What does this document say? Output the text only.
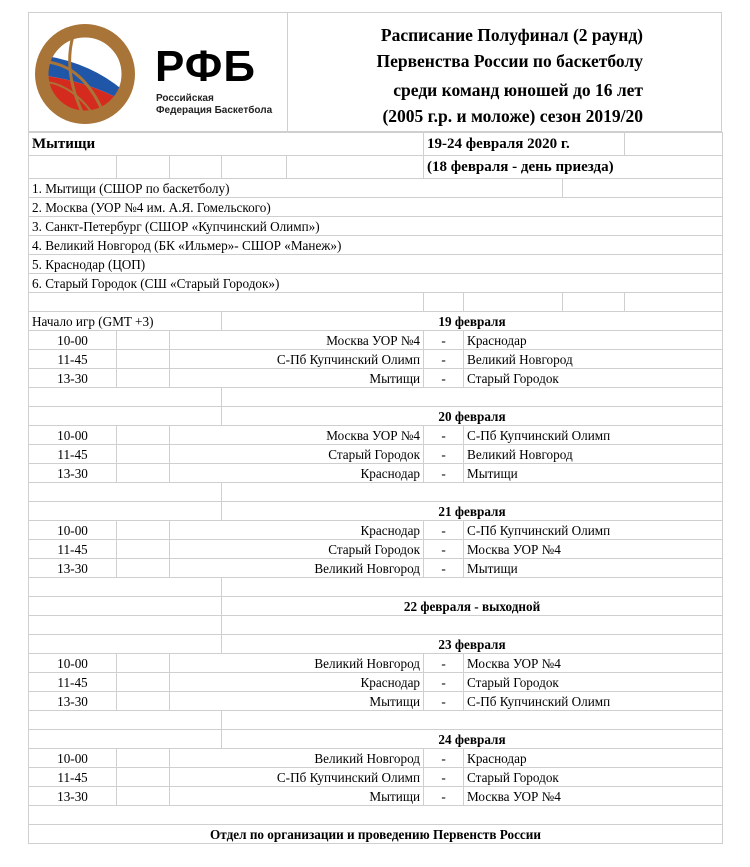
РФБ
Российская
Федерация Баскетбола
Расписание Полуфинал (2 раунд)
Первенства России по баскетболу
среди команд юношей до 16 лет
(2005 г.р. и моложе) сезон 2019/20
Мытищи					19-24 февраля 2020 г.			
					(18 февраля - день приезда)			
1. Мытищи (СШОР по баскетболу)								
2. Москва (УОР №4 им. А.Я. Гомельского)								
3. Санкт-Петербург (СШОР «Купчинский Олимп»)								
4. Великий Новгород (БК «Ильмер»- СШОР «Манеж»)								
5. Краснодар (ЦОП)								
6. Старый Городок (СШ «Старый Городок»)								

Начало игр (GMT +3)			19 февраля					
10-00		Москва УОР №4			-	Краснодар		
11-45		С-Пб Купчинский Олимп			-	Великий Новгород		
13-30		Мытищи			-	Старый Городок		

			20 февраля					
10-00		Москва УОР №4			-	С-Пб Купчинский Олимп		
11-45		Старый Городок			-	Великий Новгород		
13-30		Краснодар			-	Мытищи		

			21 февраля					
10-00		Краснодар			-	С-Пб Купчинский Олимп		
11-45		Старый Городок			-	Москва УОР №4		
13-30		Великий Новгород			-	Мытищи		

			22 февраля - выходной					

			23 февраля					
10-00		Великий Новгород			-	Москва УОР №4		
11-45		Краснодар			-	Старый Городок		
13-30		Мытищи			-	С-Пб Купчинский Олимп		

			24 февраля					
10-00		Великий Новгород			-	Краснодар		
11-45		С-Пб Купчинский Олимп			-	Старый Городок		
13-30		Мытищи			-	Москва УОР №4		

Отдел по организации и проведению Первенств России								
